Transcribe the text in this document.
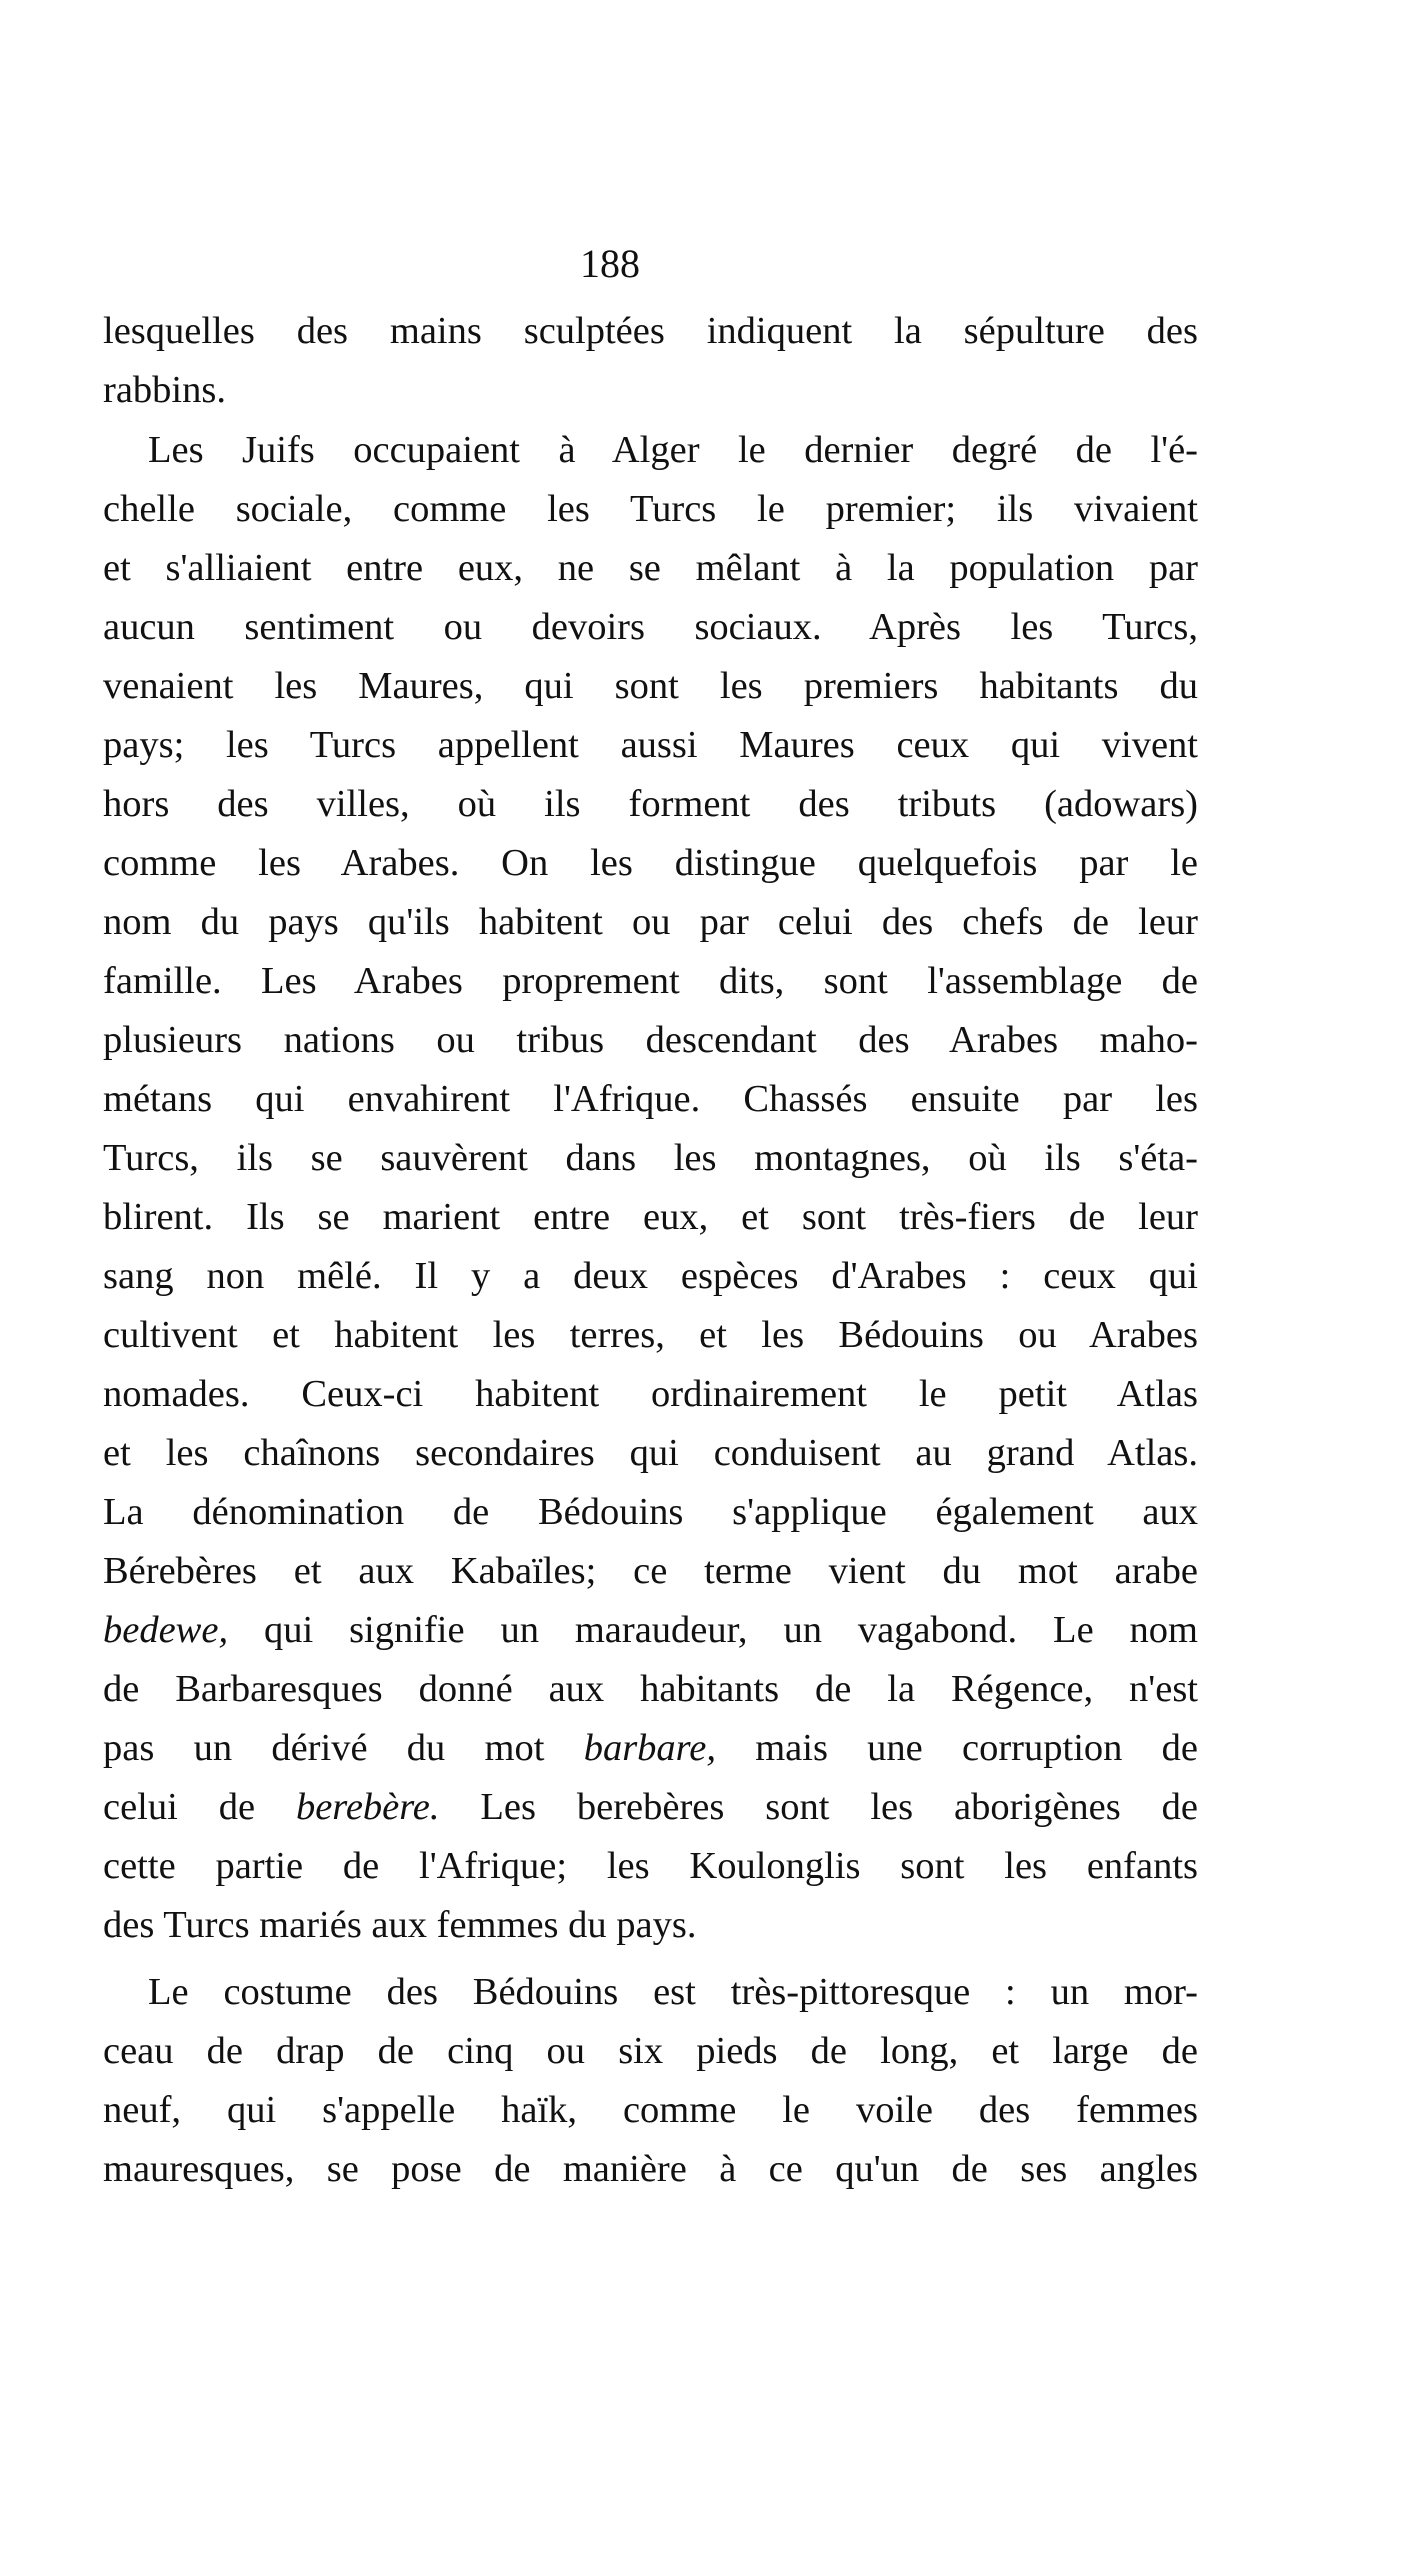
188
lesquelles des mains sculptées indiquent la sépulture des
rabbins.
Les Juifs occupaient à Alger le dernier degré de l'é-
chelle sociale, comme les Turcs le premier; ils vivaient
et s'alliaient entre eux, ne se mêlant à la population par
aucun sentiment ou devoirs sociaux. Après les Turcs,
venaient les Maures, qui sont les premiers habitants du
pays; les Turcs appellent aussi Maures ceux qui vivent
hors des villes, où ils forment des tributs (adowars)
comme les Arabes. On les distingue quelquefois par le
nom du pays qu'ils habitent ou par celui des chefs de leur
famille. Les Arabes proprement dits, sont l'assemblage de
plusieurs nations ou tribus descendant des Arabes maho-
métans qui envahirent l'Afrique. Chassés ensuite par les
Turcs, ils se sauvèrent dans les montagnes, où ils s'éta-
blirent. Ils se marient entre eux, et sont très-fiers de leur
sang non mêlé. Il y a deux espèces d'Arabes : ceux qui
cultivent et habitent les terres, et les Bédouins ou Arabes
nomades. Ceux-ci habitent ordinairement le petit Atlas
et les chaînons secondaires qui conduisent au grand Atlas.
La dénomination de Bédouins s'applique également aux
Bérebères et aux Kabaïles; ce terme vient du mot arabe
bedewe, qui signifie un maraudeur, un vagabond. Le nom
de Barbaresques donné aux habitants de la Régence, n'est
pas un dérivé du mot barbare, mais une corruption de
celui de berebère. Les berebères sont les aborigènes de
cette partie de l'Afrique; les Koulonglis sont les enfants
des Turcs mariés aux femmes du pays.
Le costume des Bédouins est très-pittoresque : un mor-
ceau de drap de cinq ou six pieds de long, et large de
neuf, qui s'appelle haïk, comme le voile des femmes
mauresques, se pose de manière à ce qu'un de ses angles
